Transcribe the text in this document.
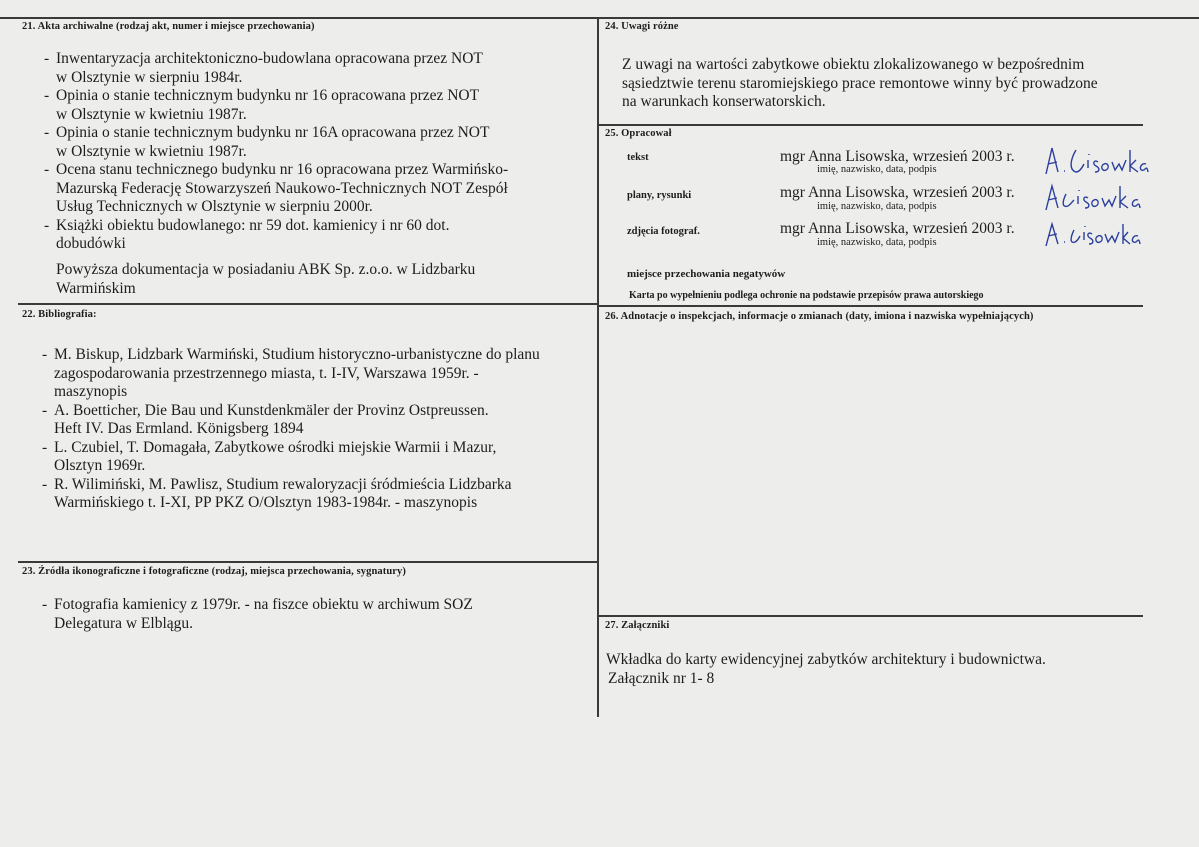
21. Akta archiwalne (rodzaj akt, numer i miejsce przechowania)
- Inwentaryzacja architektoniczno-budowlana opracowana przez NOT
w Olsztynie w sierpniu 1984r.
- Opinia o stanie technicznym budynku nr 16 opracowana przez NOT
w Olsztynie w kwietniu 1987r.
- Opinia o stanie technicznym budynku nr 16A opracowana przez NOT
w Olsztynie w kwietniu 1987r.
- Ocena stanu technicznego budynku nr 16 opracowana przez Warmińsko-
Mazurską Federację Stowarzyszeń Naukowo-Technicznych NOT Zespół
Usług Technicznych w Olsztynie w sierpniu 2000r.
- Książki obiektu budowlanego: nr 59 dot. kamienicy i nr 60 dot.
dobudówki
Powyższa dokumentacja w posiadaniu ABK Sp. z.o.o. w Lidzbarku
Warmińskim
22. Bibliografia:
- M. Biskup, Lidzbark Warmiński, Studium historyczno-urbanistyczne do planu
zagospodarowania przestrzennego miasta, t. I-IV, Warszawa 1959r. -
maszynopis
- A. Boetticher, Die Bau und Kunstdenkmäler der Provinz Ostpreussen.
Heft IV. Das Ermland. Königsberg 1894
- L. Czubiel, T. Domagała, Zabytkowe ośrodki miejskie Warmii i Mazur,
Olsztyn 1969r.
- R. Wilimiński, M. Pawlisz, Studium rewaloryzacji śródmieścia Lidzbarka
Warmińskiego t. I-XI, PP PKZ O/Olsztyn 1983-1984r. - maszynopis
23. Źródła ikonograficzne i fotograficzne (rodzaj, miejsca przechowania, sygnatury)
- Fotografia kamienicy z 1979r. - na fiszce obiektu w archiwum SOZ
Delegatura w Elblągu.
24. Uwagi różne
Z uwagi na wartości zabytkowe obiektu zlokalizowanego w bezpośrednim
sąsiedztwie terenu staromiejskiego prace remontowe winny być prowadzone
na warunkach konserwatorskich.
25. Opracował
tekst	mgr Anna Lisowska, wrzesień 2003 r.
imię, nazwisko, data, podpis
plany, rysunki	mgr Anna Lisowska, wrzesień 2003 r.
imię, nazwisko, data, podpis
zdjęcia fotograf.	mgr Anna Lisowska, wrzesień 2003 r.
imię, nazwisko, data, podpis
miejsce przechowania negatywów
Karta po wypełnieniu podlega ochronie na podstawie przepisów prawa autorskiego
26. Adnotacje o inspekcjach, informacje o zmianach (daty, imiona i nazwiska wypełniających)
27. Załączniki
Wkładka do karty ewidencyjnej zabytków architektury i budownictwa.
Załącznik nr 1- 8
